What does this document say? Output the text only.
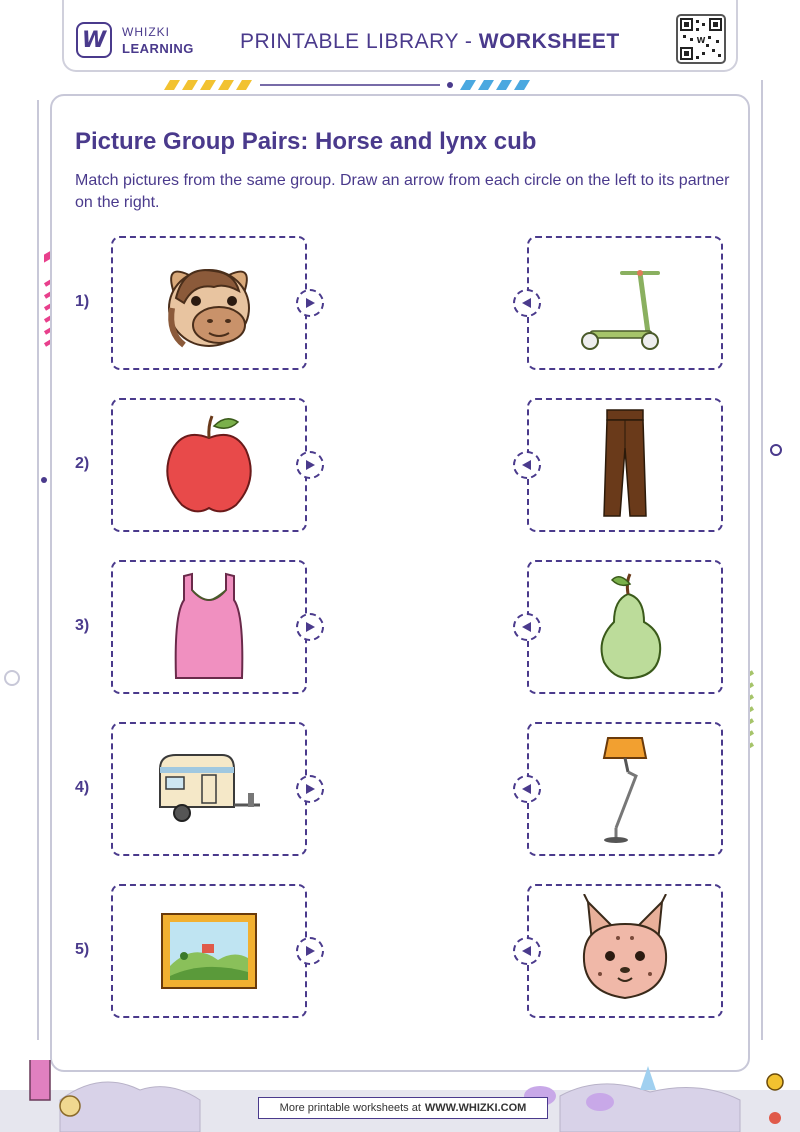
W WHIZKI
LEARNING PRINTABLE LIBRARY - WORKSHEET	W
Picture Group Pairs: Horse and lynx cub
Match pictures from the same group. Draw an arrow from each circle on the left to its partner on the right.
1)
2)
3)
4)
5)
More printable worksheets at WWW.WHIZKI.COM
